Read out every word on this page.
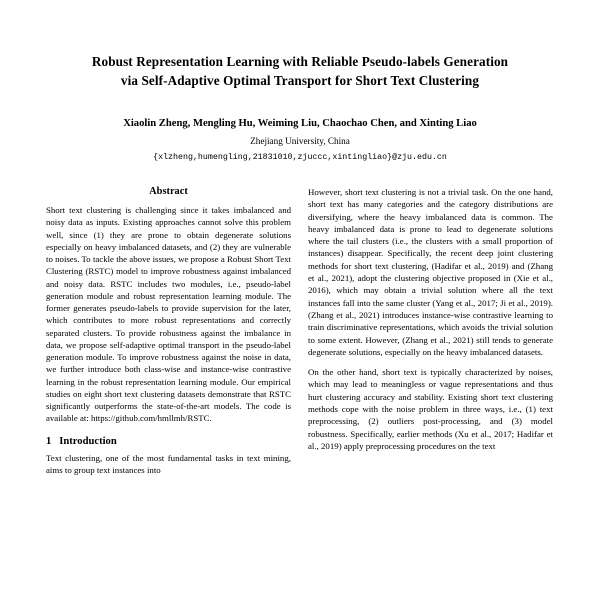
Robust Representation Learning with Reliable Pseudo-labels Generation
via Self-Adaptive Optimal Transport for Short Text Clustering
Xiaolin Zheng, Mengling Hu, Weiming Liu, Chaochao Chen, and Xinting Liao
Zhejiang University, China
{xlzheng,humengling,21831010,zjuccc,xintingliao}@zju.edu.cn
Abstract

Short text clustering is challenging since it takes imbalanced and noisy data as inputs. Existing approaches cannot solve this problem well, since (1) they are prone to obtain degenerate solutions especially on heavy imbalanced datasets, and (2) they are vulnerable to noises. To tackle the above issues, we propose a Robust Short Text Clustering (RSTC) model to improve robustness against imbalanced and noisy data. RSTC includes two modules, i.e., pseudo-label generation module and robust representation learning module. The former generates pseudo-labels to provide supervision for the later, which contributes to more robust representations and correctly separated clusters. To provide robustness against the imbalance in data, we propose self-adaptive optimal transport in the pseudo-label generation module. To improve robustness against the noise in data, we further introduce both class-wise and instance-wise contrastive learning in the robust representation learning module. Our empirical studies on eight short text clustering datasets demonstrate that RSTC significantly outperforms the state-of-the-art models. The code is available at: https://github.com/hmllmh/RSTC.

1 Introduction

Text clustering, one of the most fundamental tasks in text mining, aims to group text instances into

However, short text clustering is not a trivial task. On the one hand, short text has many categories and the category distributions are diversifying, where the heavy imbalanced data is common. The heavy imbalanced data is prone to lead to degenerate solutions where the tail clusters (i.e., the clusters with a small proportion of instances) disappear. Specifically, the recent deep joint clustering methods for short text clustering, (Hadifar et al., 2019) and (Zhang et al., 2021), adopt the clustering objective proposed in (Xie et al., 2016), which may obtain a trivial solution where all the text instances fall into the same cluster (Yang et al., 2017; Ji et al., 2019). (Zhang et al., 2021) introduces instance-wise contrastive learning to train discriminative representations, which avoids the trivial solution to some extent. However, (Zhang et al., 2021) still tends to generate degenerate solutions, especially on the heavy imbalanced datasets.

On the other hand, short text is typically characterized by noises, which may lead to meaningless or vague representations and thus hurt clustering accuracy and stability. Existing short text clustering methods cope with the noise problem in three ways, i.e., (1) text preprocessing, (2) outliers post-processing, and (3) model robustness. Specifically, earlier methods (Xu et al., 2017; Hadifar et al., 2019) apply preprocessing procedures on the text
